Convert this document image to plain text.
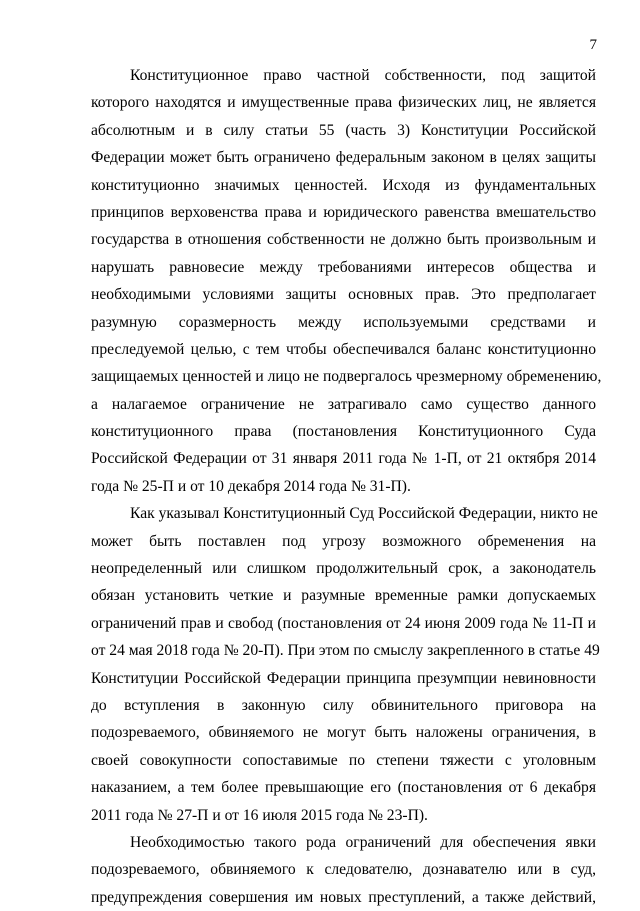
7
Конституционное право частной собственности, под защитой
которого находятся и имущественные права физических лиц, не является
абсолютным и в силу статьи 55 (часть 3) Конституции Российской
Федерации может быть ограничено федеральным законом в целях защиты
конституционно значимых ценностей. Исходя из фундаментальных
принципов верховенства права и юридического равенства вмешательство
государства в отношения собственности не должно быть произвольным и
нарушать равновесие между требованиями интересов общества и
необходимыми условиями защиты основных прав. Это предполагает
разумную соразмерность между используемыми средствами и
преследуемой целью, с тем чтобы обеспечивался баланс конституционно
защищаемых ценностей и лицо не подвергалось чрезмерному обременению,
а налагаемое ограничение не затрагивало само существо данного
конституционного права (постановления Конституционного Суда
Российской Федерации от 31 января 2011 года № 1-П, от 21 октября 2014
года № 25-П и от 10 декабря 2014 года № 31-П).
Как указывал Конституционный Суд Российской Федерации, никто не
может быть поставлен под угрозу возможного обременения на
неопределенный или слишком продолжительный срок, а законодатель
обязан установить четкие и разумные временные рамки допускаемых
ограничений прав и свобод (постановления от 24 июня 2009 года № 11-П и
от 24 мая 2018 года № 20-П). При этом по смыслу закрепленного в статье 49
Конституции Российской Федерации принципа презумпции невиновности
до вступления в законную силу обвинительного приговора на
подозреваемого, обвиняемого не могут быть наложены ограничения, в
своей совокупности сопоставимые по степени тяжести с уголовным
наказанием, а тем более превышающие его (постановления от 6 декабря
2011 года № 27-П и от 16 июля 2015 года № 23-П).
Необходимостью такого рода ограничений для обеспечения явки
подозреваемого, обвиняемого к следователю, дознавателю или в суд,
предупреждения совершения им новых преступлений, а также действий,
